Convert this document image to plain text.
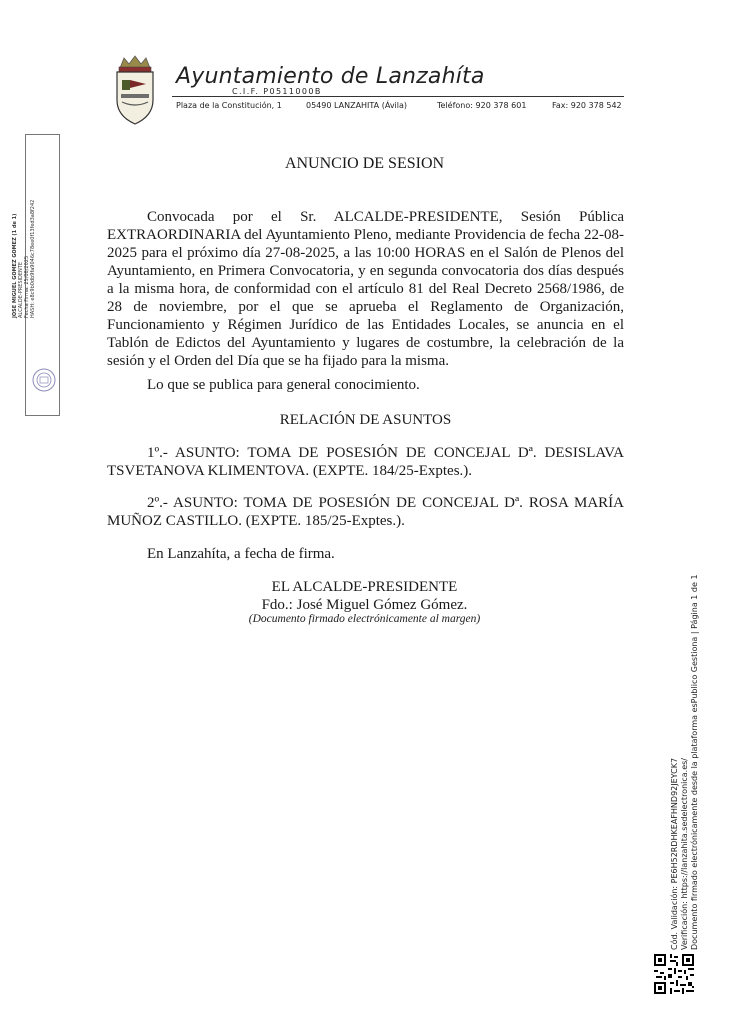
Ayuntamiento de Lanzahíta
C.I.F. P0511000B
Plaza de la Constitución, 1	05490 LANZAHITA (Ávila)	Teléfono: 920 378 601	Fax: 920 378 542
JOSE MIGUEL GOMEZ GOMEZ (1 de 1) ALCALDE-PRESIDENTE Fecha Firma: 25/08/2025 HASH: e8c9b0db9fa9046c78ee0f13fed3a8f242
ANUNCIO DE SESION
Convocada por el Sr. ALCALDE-PRESIDENTE, Sesión Pública EXTRAORDINARIA del Ayuntamiento Pleno, mediante Providencia de fecha 22-08-2025 para el próximo día 27-08-2025, a las 10:00 HORAS en el Salón de Plenos del Ayuntamiento, en Primera Convocatoria, y en segunda convocatoria dos días después a la misma hora, de conformidad con el artículo 81 del Real Decreto 2568/1986, de 28 de noviembre, por el que se aprueba el Reglamento de Organización, Funcionamiento y Régimen Jurídico de las Entidades Locales, se anuncia en el Tablón de Edictos del Ayuntamiento y lugares de costumbre, la celebración de la sesión y el Orden del Día que se ha fijado para la misma.
Lo que se publica para general conocimiento.
RELACIÓN DE ASUNTOS
1º.- ASUNTO: TOMA DE POSESIÓN DE CONCEJAL Dª. DESISLAVA TSVETANOVA KLIMENTOVA. (EXPTE. 184/25-Exptes.).
2º.- ASUNTO: TOMA DE POSESIÓN DE CONCEJAL Dª. ROSA MARÍA MUÑOZ CASTILLO. (EXPTE. 185/25-Exptes.).
En Lanzahíta, a fecha de firma.
EL ALCALDE-PRESIDENTE
Fdo.: José Miguel Gómez Gómez.
(Documento firmado electrónicamente al margen)
Cód. Validación: PE6H52RDHKEAFHND92JEYCK7 Verificación: https://lanzahita.sedelectronica.es/ Documento firmado electrónicamente desde la plataforma esPublico Gestiona | Página 1 de 1
